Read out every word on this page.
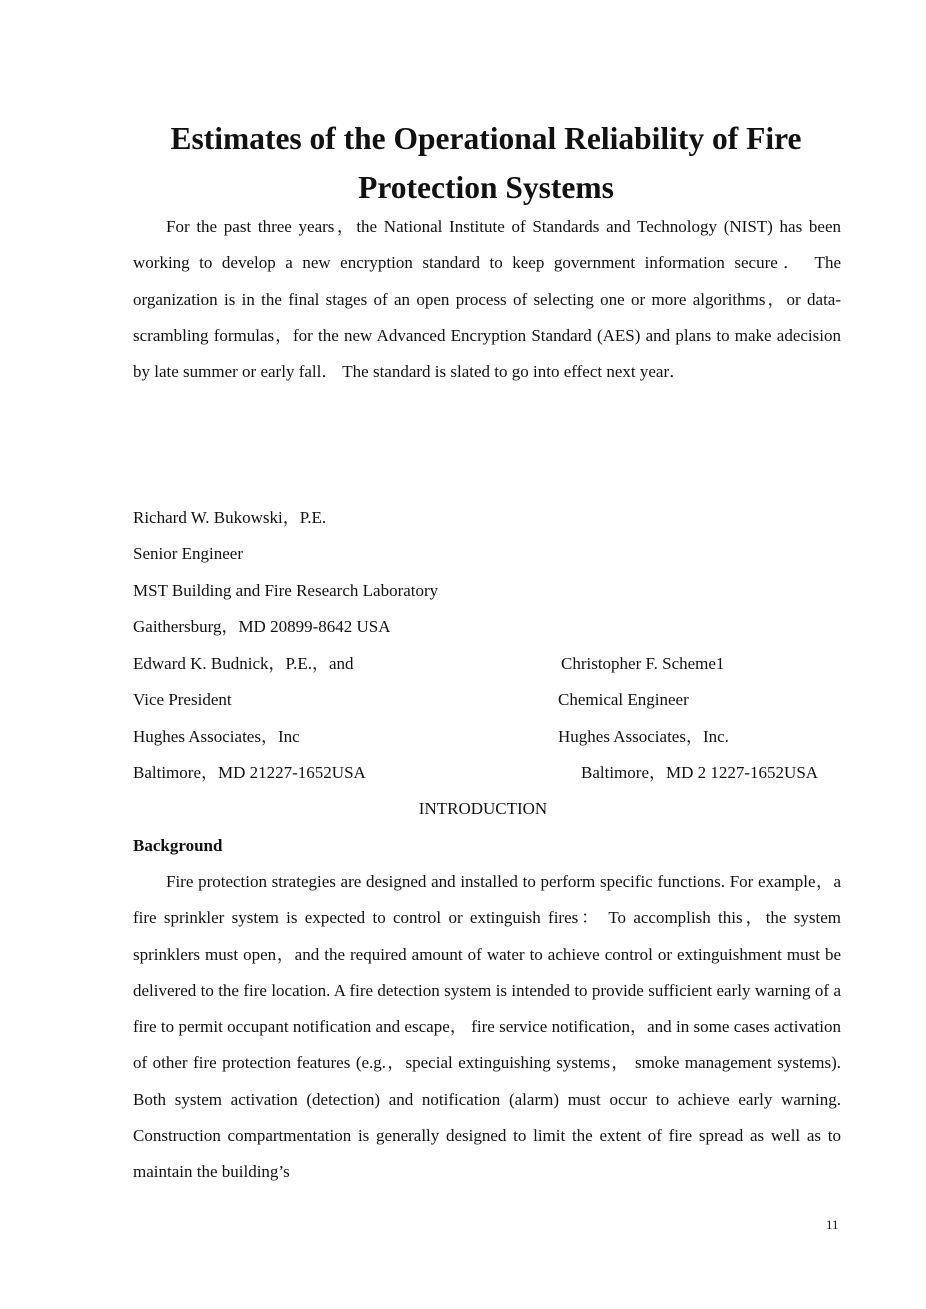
Estimates of the Operational Reliability of Fire Protection Systems

For the past three years，the National Institute of Standards and Technology (NIST) has been working to develop a new encryption standard to keep government information secure． The organization is in the final stages of an open process of selecting one or more algorithms，or data-scrambling formulas，for the new Advanced Encryption Standard (AES) and plans to make adecision by late summer or early fall． The standard is slated to go into effect next year．

Richard W. Bukowski，P.E.
Senior Engineer
MST Building and Fire Research Laboratory
Gaithersburg，MD 20899-8642 USA
Edward K. Budnick，P.E.，and
Vice President
Hughes Associates，Inc
Baltimore，MD 21227-1652USA
Christopher F. Scheme1
Chemical Engineer
Hughes Associates，Inc.
Baltimore，MD 2 1227-1652USA
INTRODUCTION
Background

Fire protection strategies are designed and installed to perform specific functions. For example，a fire sprinkler system is expected to control or extinguish fires： To accomplish this，the system sprinklers must open，and the required amount of water to achieve control or extinguishment must be delivered to the fire location. A fire detection system is intended to provide sufficient early warning of a fire to permit occupant notification and escape， fire service notification，and in some cases activation of other fire protection features (e.g.，special extinguishing systems， smoke management systems). Both system activation (detection) and notification (alarm) must occur to achieve early warning. Construction compartmentation is generally designed to limit the extent of fire spread as well as to maintain the building’s

11
